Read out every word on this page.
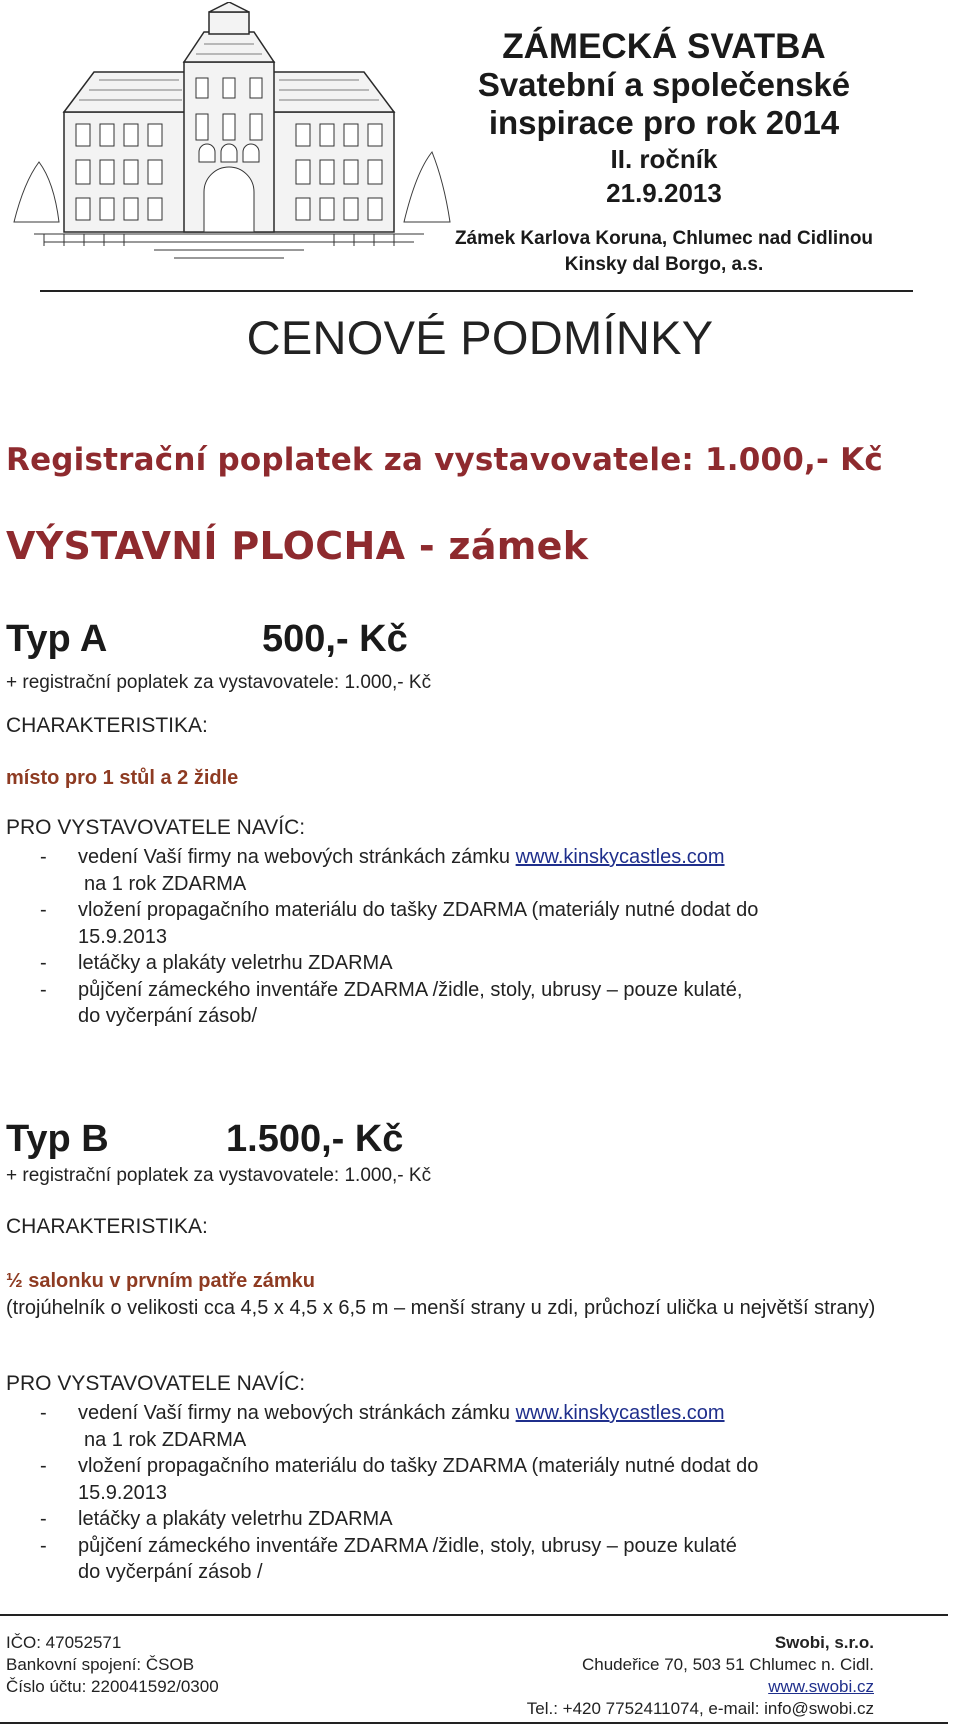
ZÁMECKÁ SVATBA
Svatební a společenské
inspirace pro rok 2014
II. ročník
21.9.2013
Zámek Karlova Koruna, Chlumec nad Cidlinou
Kinsky dal Borgo, a.s.
CENOVÉ PODMÍNKY
Registrační poplatek za vystavovatele: 1.000,- Kč
VÝSTAVNÍ PLOCHA - zámek
Typ A	500,- Kč
+ registrační poplatek za vystavovatele: 1.000,- Kč
CHARAKTERISTIKA:
místo pro 1 stůl a 2 židle
PRO VYSTAVOVATELE NAVÍC:
- vedení Vaší firmy na webových stránkách zámku www.kinskycastles.com
na 1 rok ZDARMA
- vložení propagačního materiálu do tašky ZDARMA (materiály nutné dodat do
15.9.2013
- letáčky a plakáty veletrhu ZDARMA
- půjčení zámeckého inventáře ZDARMA /židle, stoly, ubrusy – pouze kulaté,
do vyčerpání zásob/
Typ B	1.500,- Kč
+ registrační poplatek za vystavovatele: 1.000,- Kč
CHARAKTERISTIKA:
½ salonku v prvním patře zámku
(trojúhelník o velikosti cca 4,5 x 4,5 x 6,5 m – menší strany u zdi, průchozí ulička u největší strany)
PRO VYSTAVOVATELE NAVÍC:
- vedení Vaší firmy na webových stránkách zámku www.kinskycastles.com
na 1 rok ZDARMA
- vložení propagačního materiálu do tašky ZDARMA (materiály nutné dodat do
15.9.2013
- letáčky a plakáty veletrhu ZDARMA
- půjčení zámeckého inventáře ZDARMA /židle, stoly, ubrusy – pouze kulaté
do vyčerpání zásob /
IČO: 47052571
Bankovní spojení: ČSOB
Číslo účtu: 220041592/0300
Swobi, s.r.o.
Chudeřice 70, 503 51 Chlumec n. Cidl.
www.swobi.cz
Tel.: +420 7752411074, e-mail: info@swobi.cz
